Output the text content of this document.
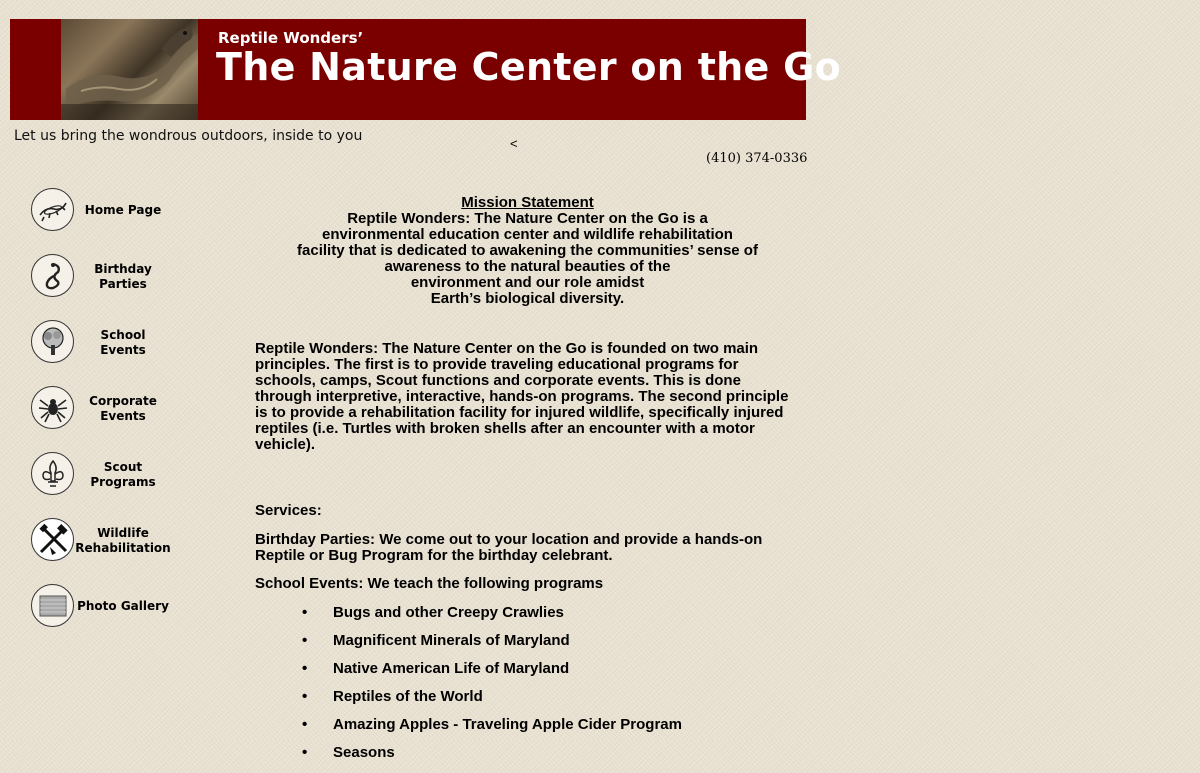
Reptile Wonders’
The Nature Center on the Go
Let us bring the wondrous outdoors, inside to you	<
(410) 374-0336
Home Page
Birthday
Parties
School
Events
Corporate
Events
Scout
Programs
Wildlife
Rehabilitation
Photo Gallery
Mission Statement
Reptile Wonders: The Nature Center on the Go is a
environmental education center and wildlife rehabilitation
facility that is dedicated to awakening the communities’ sense of
awareness to the natural beauties of the
environment and our role amidst
Earth’s biological diversity.

Reptile Wonders: The Nature Center on the Go is founded on two main principles. The first is to provide traveling educational programs for schools, camps, Scout functions and corporate events. This is done through interpretive, interactive, hands-on programs. The second principle is to provide a rehabilitation facility for injured wildlife, specifically injured reptiles (i.e. Turtles with broken shells after an encounter with a motor vehicle).

Services:

Birthday Parties: We come out to your location and provide a hands-on Reptile or Bug Program for the birthday celebrant.

School Events: We teach the following programs

• Bugs and other Creepy Crawlies
• Magnificent Minerals of Maryland
• Native American Life of Maryland
• Reptiles of the World
• Amazing Apples - Traveling Apple Cider Program
• Seasons
